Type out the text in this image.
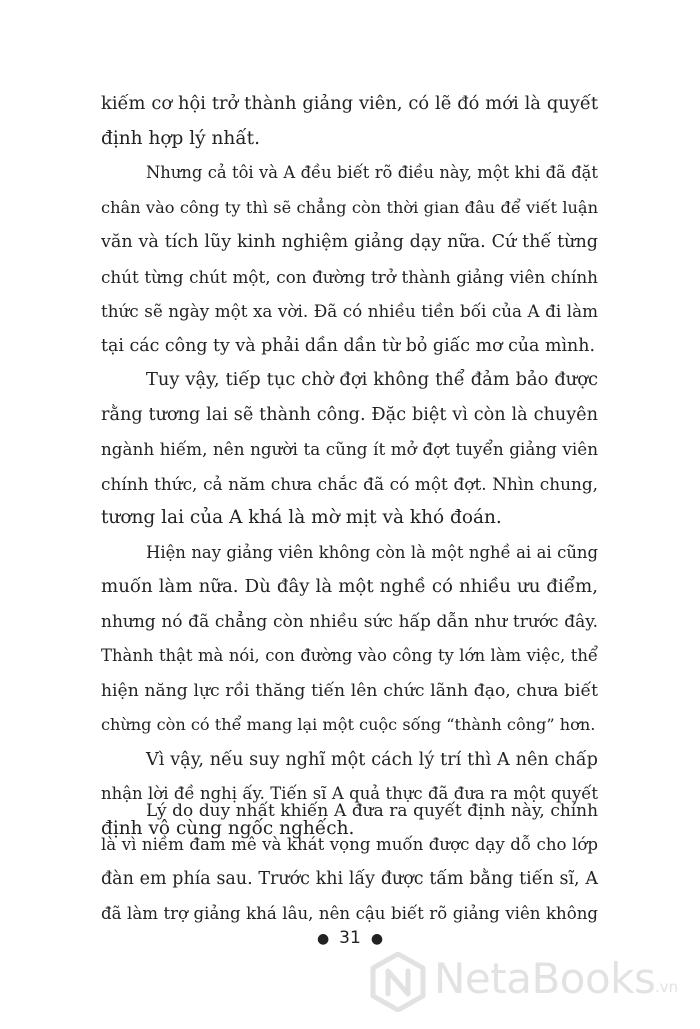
kiếm cơ hội trở thành giảng viên, có lẽ đó mới là quyết
định hợp lý nhất.
Nhưng cả tôi và A đều biết rõ điều này, một khi đã đặt
chân vào công ty thì sẽ chẳng còn thời gian đâu để viết luận
văn và tích lũy kinh nghiệm giảng dạy nữa. Cứ thế từng
chút từng chút một, con đường trở thành giảng viên chính
thức sẽ ngày một xa vời. Đã có nhiều tiền bối của A đi làm
tại các công ty và phải dần dần từ bỏ giấc mơ của mình.
Tuy vậy, tiếp tục chờ đợi không thể đảm bảo được
rằng tương lai sẽ thành công. Đặc biệt vì còn là chuyên
ngành hiếm, nên người ta cũng ít mở đợt tuyển giảng viên
chính thức, cả năm chưa chắc đã có một đợt. Nhìn chung,
tương lai của A khá là mờ mịt và khó đoán.
Hiện nay giảng viên không còn là một nghề ai ai cũng
muốn làm nữa. Dù đây là một nghề có nhiều ưu điểm,
nhưng nó đã chẳng còn nhiều sức hấp dẫn như trước đây.
Thành thật mà nói, con đường vào công ty lớn làm việc, thể
hiện năng lực rồi thăng tiến lên chức lãnh đạo, chưa biết
chừng còn có thể mang lại một cuộc sống “thành công” hơn.
Vì vậy, nếu suy nghĩ một cách lý trí thì A nên chấp
nhận lời đề nghị ấy. Tiến sĩ A quả thực đã đưa ra một quyết
định vô cùng ngốc nghếch.
Lý do duy nhất khiến A đưa ra quyết định này, chính
là vì niềm đam mê và khát vọng muốn được dạy dỗ cho lớp
đàn em phía sau. Trước khi lấy được tấm bằng tiến sĩ, A
đã làm trợ giảng khá lâu, nên cậu biết rõ giảng viên không
● 31 ●
NetaBooks .vn
